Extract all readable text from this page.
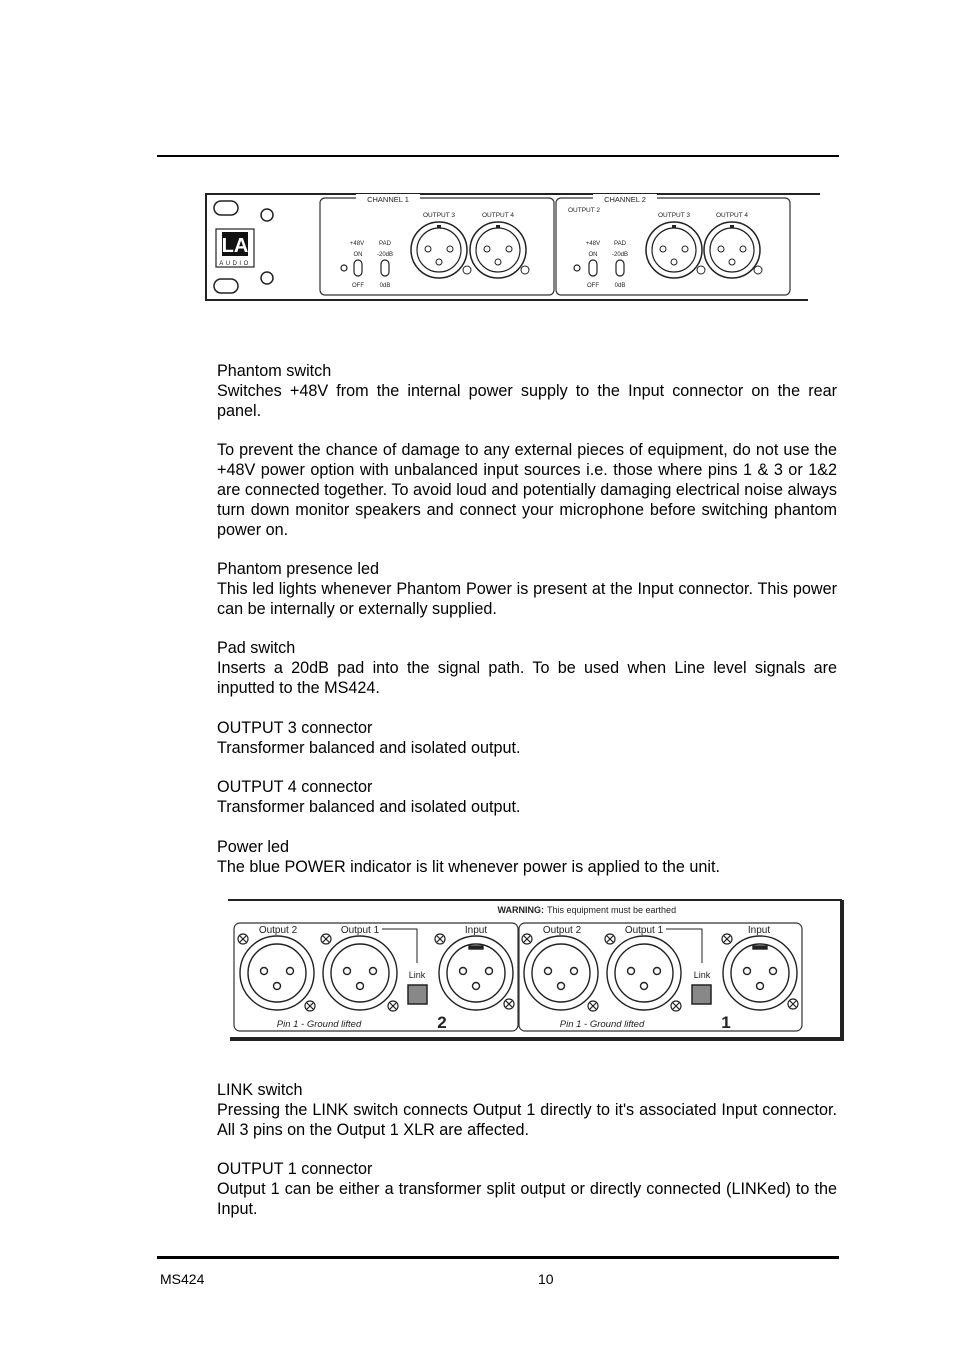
LA
AUDIO
CHANNEL 1	CHANNEL 2
OUTPUT 2
+48V
ON
OFF
PAD
-20dB
0dB
OUTPUT 3	OUTPUT 4
+48V
ON
OFF
PAD
-20dB
0dB
OUTPUT 3	OUTPUT 4

Phantom switch

Switches +48V from the internal power supply to the Input connector on the rear panel.

To prevent the chance of damage to any external pieces of equipment, do not use the +48V power option with unbalanced input sources i.e. those where pins 1 & 3 or 1&2 are connected together. To avoid loud and potentially damaging electrical noise always turn down monitor speakers and connect your microphone before switching phantom power on.

Phantom presence led

This led lights whenever Phantom Power is present at the Input connector. This power can be internally or externally supplied.

Pad switch

Inserts a 20dB pad into the signal path. To be used when Line level signals are inputted to the MS424.

OUTPUT 3 connector

Transformer balanced and isolated output.

OUTPUT 4 connector

Transformer balanced and isolated output.

Power led

The blue POWER indicator is lit whenever power is applied to the unit.

WARNING: This equipment must be earthed
Output 2	Output 1	Input
Link
Pin 1 - Ground lifted	2
Output 2	Output 1	Input
Link
Pin 1 - Ground lifted	1

LINK switch

Pressing the LINK switch connects Output 1 directly to it's associated Input connector. All 3 pins on the Output 1 XLR are affected.

OUTPUT 1 connector

Output 1 can be either a transformer split output or directly connected (LINKed) to the Input.

MS424	10
